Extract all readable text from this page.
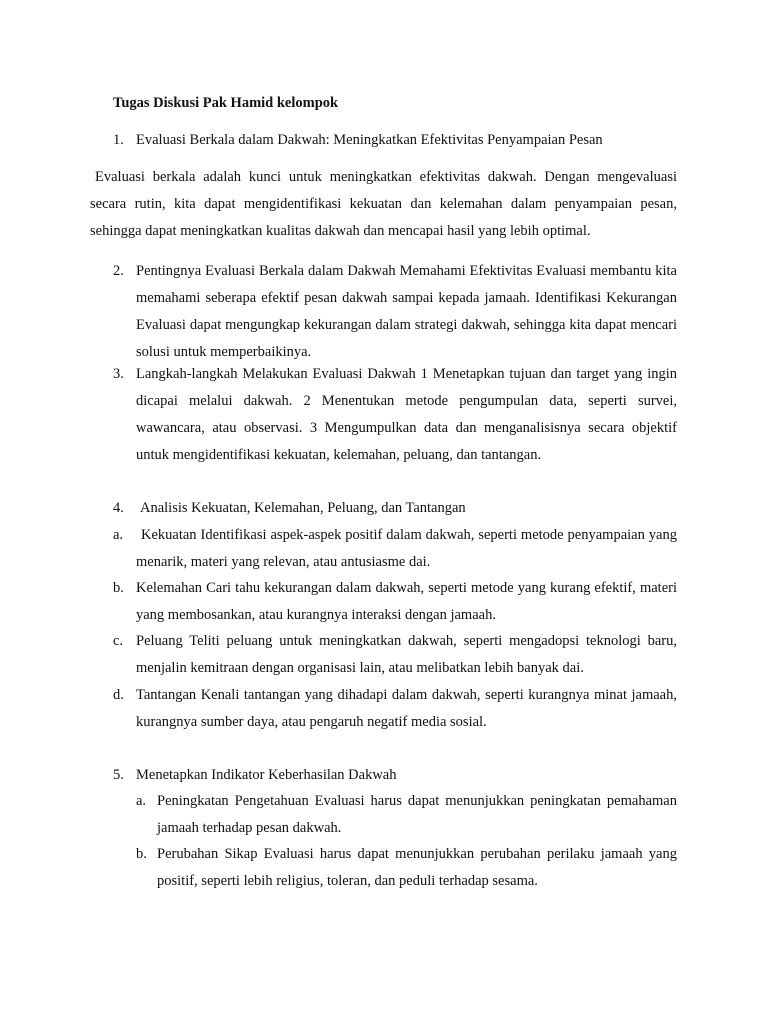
Tugas Diskusi Pak Hamid kelompok
1. Evaluasi Berkala dalam Dakwah: Meningkatkan Efektivitas Penyampaian Pesan
Evaluasi berkala adalah kunci untuk meningkatkan efektivitas dakwah. Dengan mengevaluasi secara rutin, kita dapat mengidentifikasi kekuatan dan kelemahan dalam penyampaian pesan, sehingga dapat meningkatkan kualitas dakwah dan mencapai hasil yang lebih optimal.
2. Pentingnya Evaluasi Berkala dalam Dakwah Memahami Efektivitas Evaluasi membantu kita memahami seberapa efektif pesan dakwah sampai kepada jamaah. Identifikasi Kekurangan Evaluasi dapat mengungkap kekurangan dalam strategi dakwah, sehingga kita dapat mencari solusi untuk memperbaikinya.
3. Langkah-langkah Melakukan Evaluasi Dakwah 1 Menetapkan tujuan dan target yang ingin dicapai melalui dakwah. 2 Menentukan metode pengumpulan data, seperti survei, wawancara, atau observasi. 3 Mengumpulkan data dan menganalisisnya secara objektif untuk mengidentifikasi kekuatan, kelemahan, peluang, dan tantangan.
4. Analisis Kekuatan, Kelemahan, Peluang, dan Tantangan
a.	Kekuatan Identifikasi aspek-aspek positif dalam dakwah, seperti metode penyampaian yang menarik, materi yang relevan, atau antusiasme dai.
b. Kelemahan Cari tahu kekurangan dalam dakwah, seperti metode yang kurang efektif, materi yang membosankan, atau kurangnya interaksi dengan jamaah.
c. Peluang Teliti peluang untuk meningkatkan dakwah, seperti mengadopsi teknologi baru, menjalin kemitraan dengan organisasi lain, atau melibatkan lebih banyak dai.
d. Tantangan Kenali tantangan yang dihadapi dalam dakwah, seperti kurangnya minat jamaah, kurangnya sumber daya, atau pengaruh negatif media sosial.
5. Menetapkan Indikator Keberhasilan Dakwah
a. Peningkatan Pengetahuan Evaluasi harus dapat menunjukkan peningkatan pemahaman jamaah terhadap pesan dakwah.
b. Perubahan Sikap Evaluasi harus dapat menunjukkan perubahan perilaku jamaah yang positif, seperti lebih religius, toleran, dan peduli terhadap sesama.
